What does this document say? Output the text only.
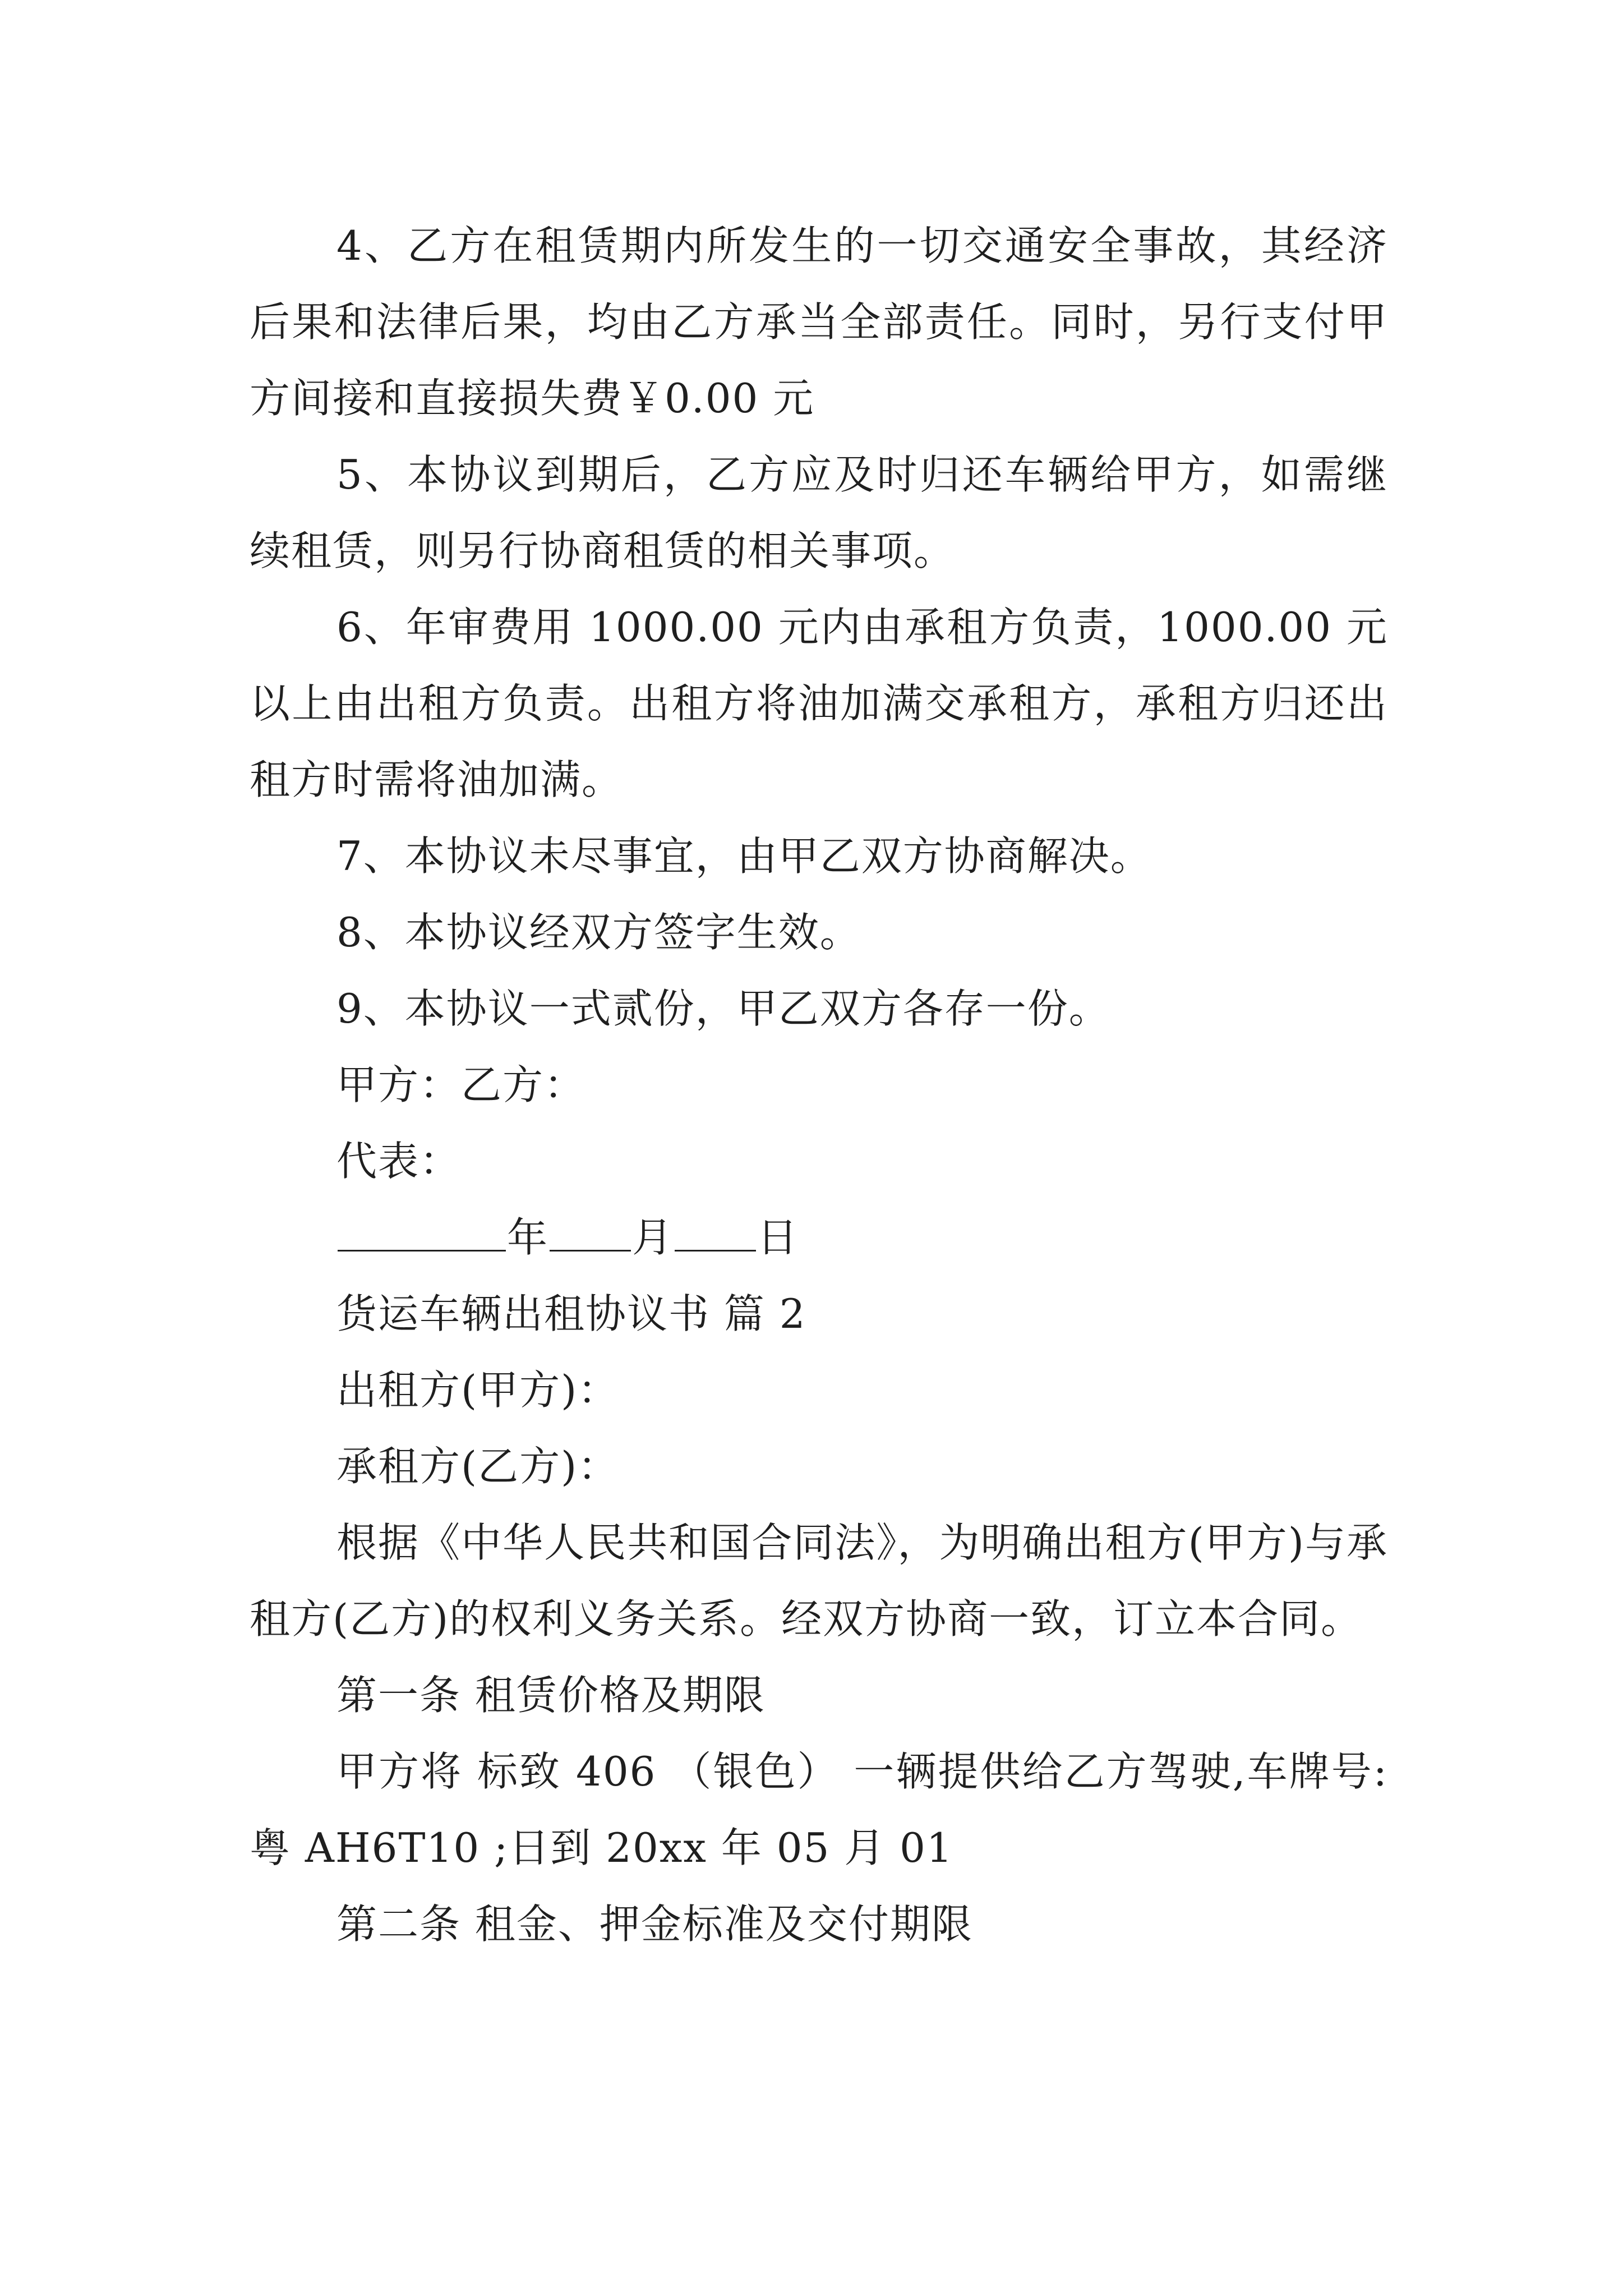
4、乙方在租赁期内所发生的一切交通安全事故，其经济后果和法律后果，均由乙方承当全部责任。同时，另行支付甲方间接和直接损失费￥0.00 元

5、本协议到期后，乙方应及时归还车辆给甲方，如需继续租赁，则另行协商租赁的相关事项。

6、年审费用 1000.00 元内由承租方负责，1000.00 元以上由出租方负责。出租方将油加满交承租方，承租方归还出租方时需将油加满。

7、本协议未尽事宜，由甲乙双方协商解决。

8、本协议经双方签字生效。

9、本协议一式贰份，甲乙双方各存一份。

甲方：乙方：

代表：

年 月 日

货运车辆出租协议书 篇 2

出租方(甲方)：

承租方(乙方)：

根据《中华人民共和国合同法》，为明确出租方(甲方)与承租方(乙方)的权利义务关系。经双方协商一致，订立本合同。

第一条 租赁价格及期限

甲方将 标致 406 （银色） 一辆提供给乙方驾驶,车牌号: 粤 AH6T10 ;日到 20xx 年 05 月 01

第二条 租金、押金标准及交付期限
